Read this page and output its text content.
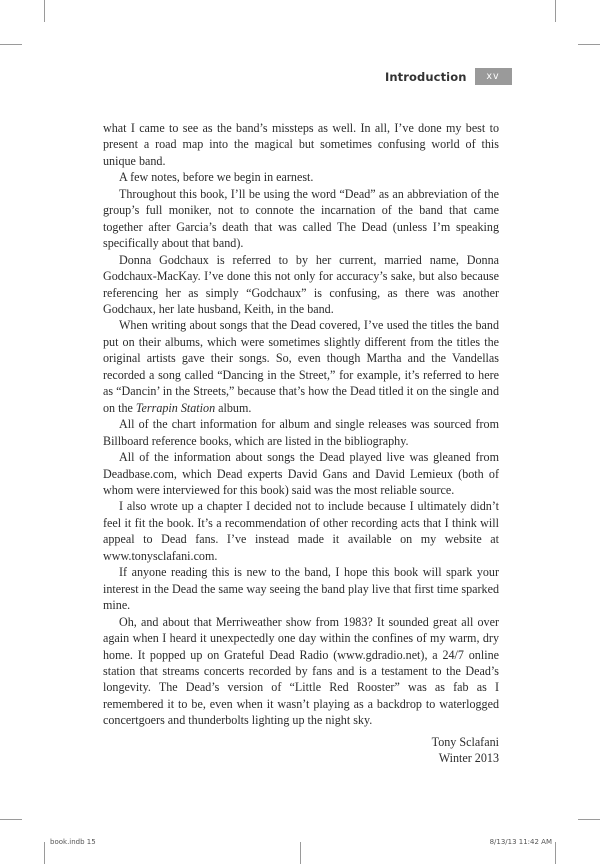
Introduction	xv

what I came to see as the band’s missteps as well. In all, I’ve done my best to present a road map into the magical but sometimes confusing world of this unique band.

A few notes, before we begin in earnest.

Throughout this book, I’ll be using the word “Dead” as an abbreviation of the group’s full moniker, not to connote the incarnation of the band that came together after Garcia’s death that was called The Dead (unless I’m speaking specifically about that band).

Donna Godchaux is referred to by her current, married name, Donna Godchaux-MacKay. I’ve done this not only for accuracy’s sake, but also because referencing her as simply “Godchaux” is confusing, as there was another Godchaux, her late husband, Keith, in the band.

When writing about songs that the Dead covered, I’ve used the titles the band put on their albums, which were sometimes slightly different from the titles the original artists gave their songs. So, even though Martha and the Vandellas recorded a song called “Dancing in the Street,” for example, it’s referred to here as “Dancin’ in the Streets,” because that’s how the Dead titled it on the single and on the Terrapin Station album.

All of the chart information for album and single releases was sourced from Billboard reference books, which are listed in the bibliography.

All of the information about songs the Dead played live was gleaned from Deadbase.com, which Dead experts David Gans and David Lemieux (both of whom were interviewed for this book) said was the most reliable source.

I also wrote up a chapter I decided not to include because I ultimately didn’t feel it fit the book. It’s a recommendation of other recording acts that I think will appeal to Dead fans. I’ve instead made it available on my website at www.tonysclafani.com.

If anyone reading this is new to the band, I hope this book will spark your interest in the Dead the same way seeing the band play live that first time sparked mine.

Oh, and about that Merriweather show from 1983? It sounded great all over again when I heard it unexpectedly one day within the confines of my warm, dry home. It popped up on Grateful Dead Radio (www.gdradio.net), a 24/7 online station that streams concerts recorded by fans and is a testament to the Dead’s longevity. The Dead’s version of “Little Red Rooster” was as fab as I remembered it to be, even when it wasn’t playing as a backdrop to waterlogged concertgoers and thunderbolts lighting up the night sky.

Tony Sclafani
Winter 2013
book.indb 15	8/13/13 11:42 AM
